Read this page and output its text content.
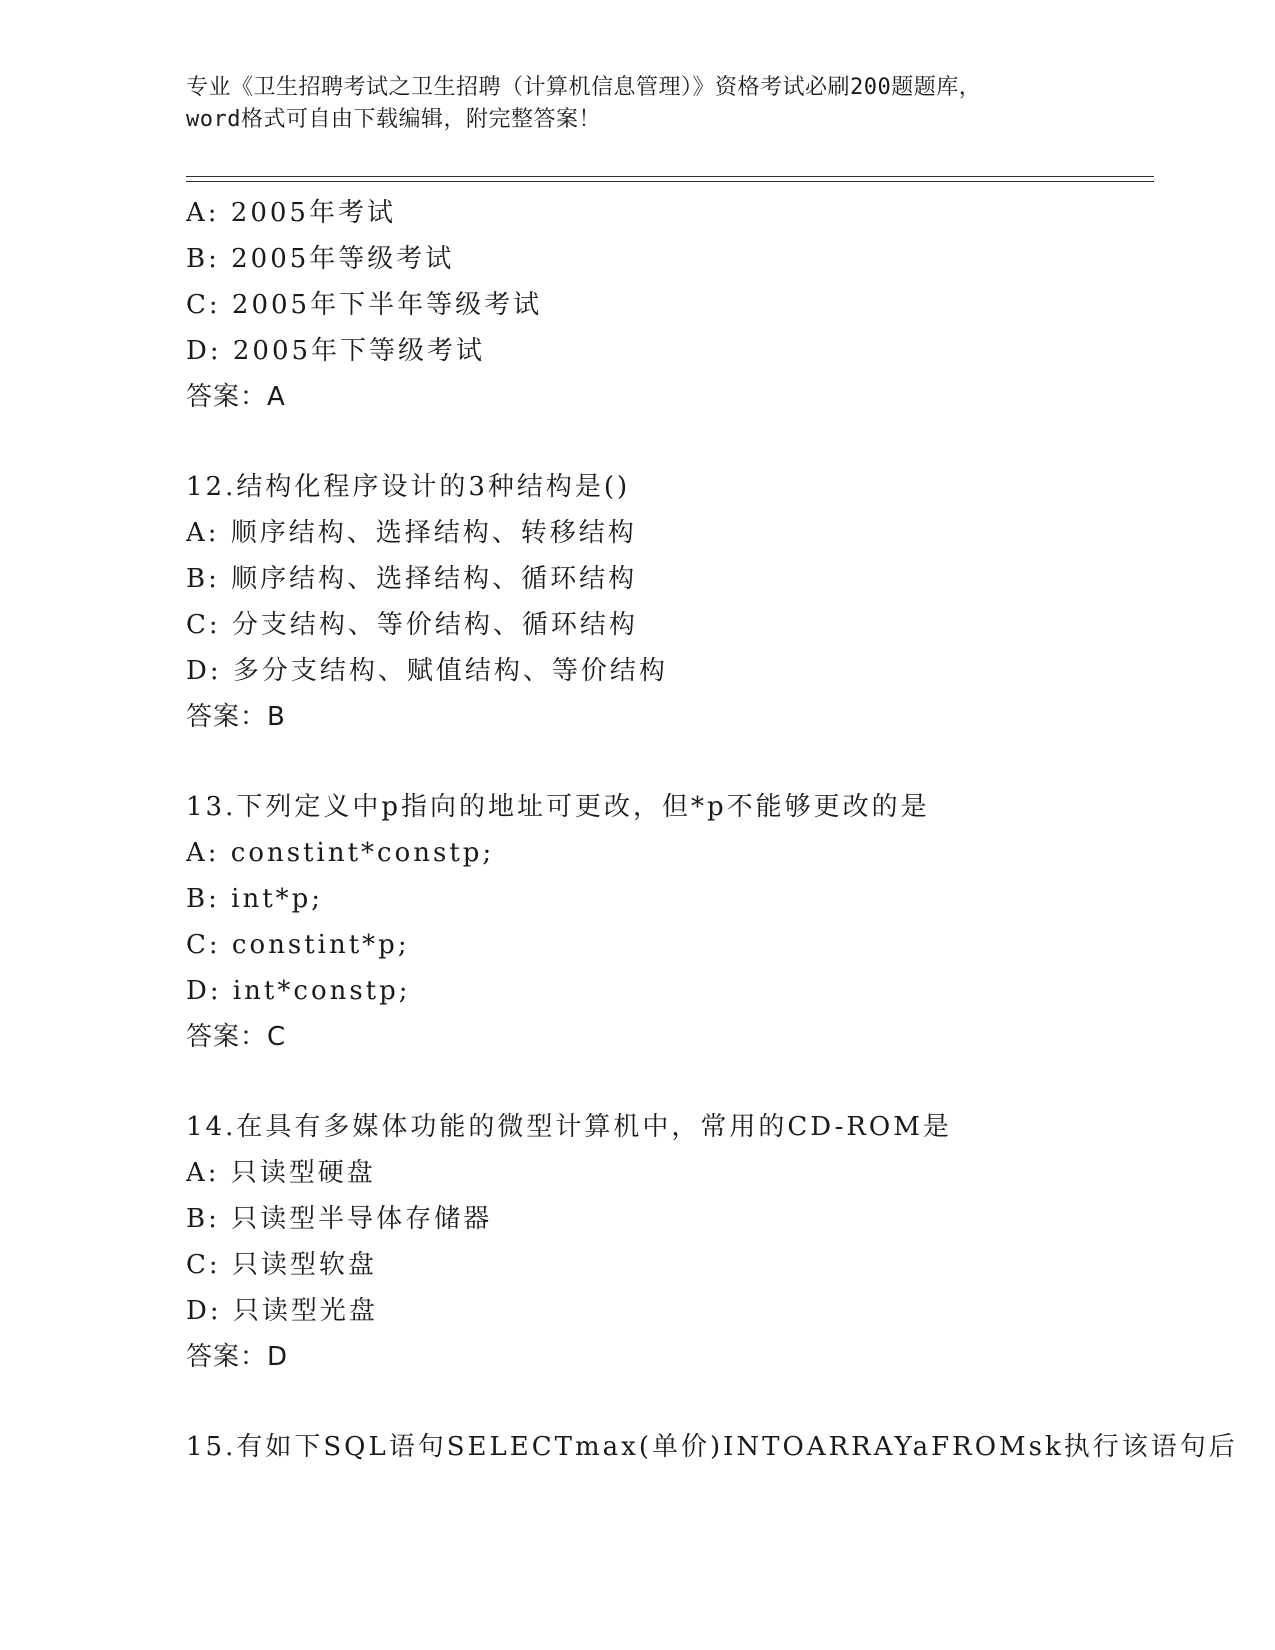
专业《卫生招聘考试之卫生招聘（计算机信息管理）》资格考试必刷200题题库，
word格式可自由下载编辑，附完整答案！
A: 2005年考试
B: 2005年等级考试
C: 2005年下半年等级考试
D: 2005年下等级考试
答案：A
12.结构化程序设计的3种结构是()
A: 顺序结构、选择结构、转移结构
B: 顺序结构、选择结构、循环结构
C: 分支结构、等价结构、循环结构
D: 多分支结构、赋值结构、等价结构
答案：B
13.下列定义中p指向的地址可更改，但*p不能够更改的是
A: constint*constp;
B: int*p;
C: constint*p;
D: int*constp;
答案：C
14.在具有多媒体功能的微型计算机中，常用的CD-ROM是
A: 只读型硬盘
B: 只读型半导体存储器
C: 只读型软盘
D: 只读型光盘
答案：D
15.有如下SQL语句SELECTmax(单价)INTOARRAYaFROMsk执行该语句后
